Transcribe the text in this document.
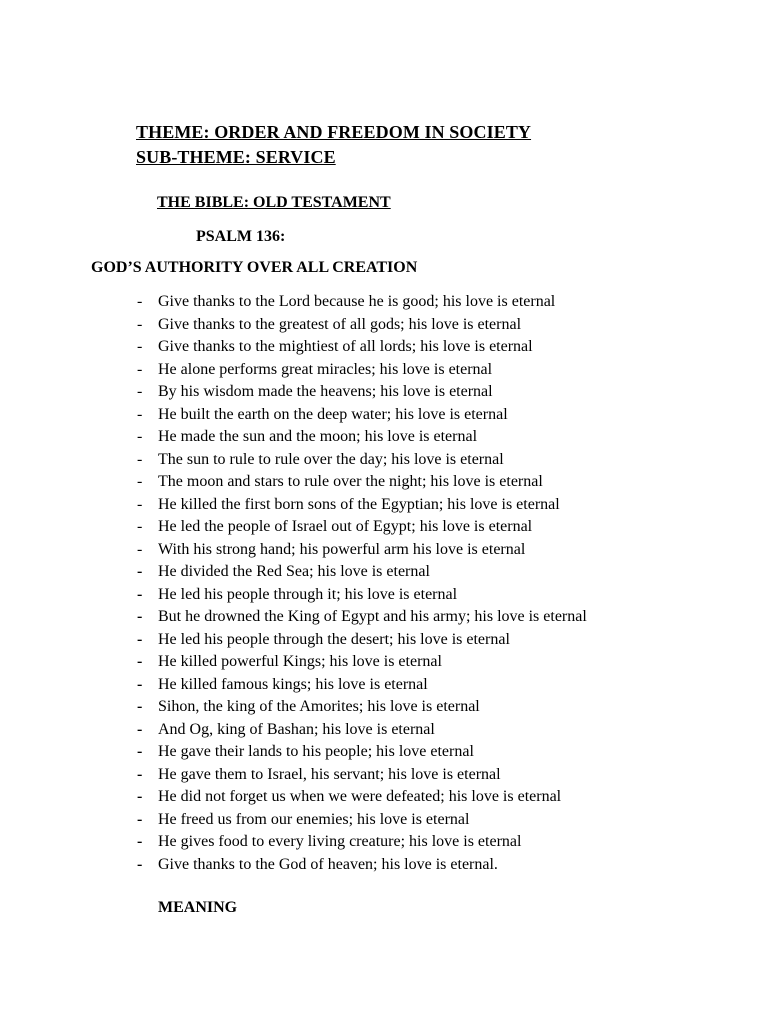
THEME: ORDER AND FREEDOM IN SOCIETY
SUB-THEME: SERVICE
THE BIBLE: OLD TESTAMENT
PSALM 136:
GOD’S AUTHORITY OVER ALL CREATION
- Give thanks to the Lord because he is good; his love is eternal
- Give thanks to the greatest of all gods; his love is eternal
- Give thanks to the mightiest of all lords; his love is eternal
- He alone performs great miracles; his love is eternal
- By his wisdom made the heavens; his love is eternal
- He built the earth on the deep water; his love is eternal
- He made the sun and the moon; his love is eternal
- The sun to rule to rule over the day; his love is eternal
- The moon and stars to rule over the night; his love is eternal
- He killed the first born sons of the Egyptian; his love is eternal
- He led the people of Israel out of Egypt; his love is eternal
- With his strong hand; his powerful arm his love is eternal
- He divided the Red Sea; his love is eternal
- He led his people through it; his love is eternal
- But he drowned the King of Egypt and his army; his love is eternal
- He led his people through the desert; his love is eternal
- He killed powerful Kings; his love is eternal
- He killed famous kings; his love is eternal
- Sihon, the king of the Amorites; his love is eternal
- And Og, king of Bashan; his love is eternal
- He gave their lands to his people; his love eternal
- He gave them to Israel, his servant; his love is eternal
- He did not forget us when we were defeated; his love is eternal
- He freed us from our enemies; his love is eternal
- He gives food to every living creature; his love is eternal
- Give thanks to the God of heaven; his love is eternal.
MEANING
